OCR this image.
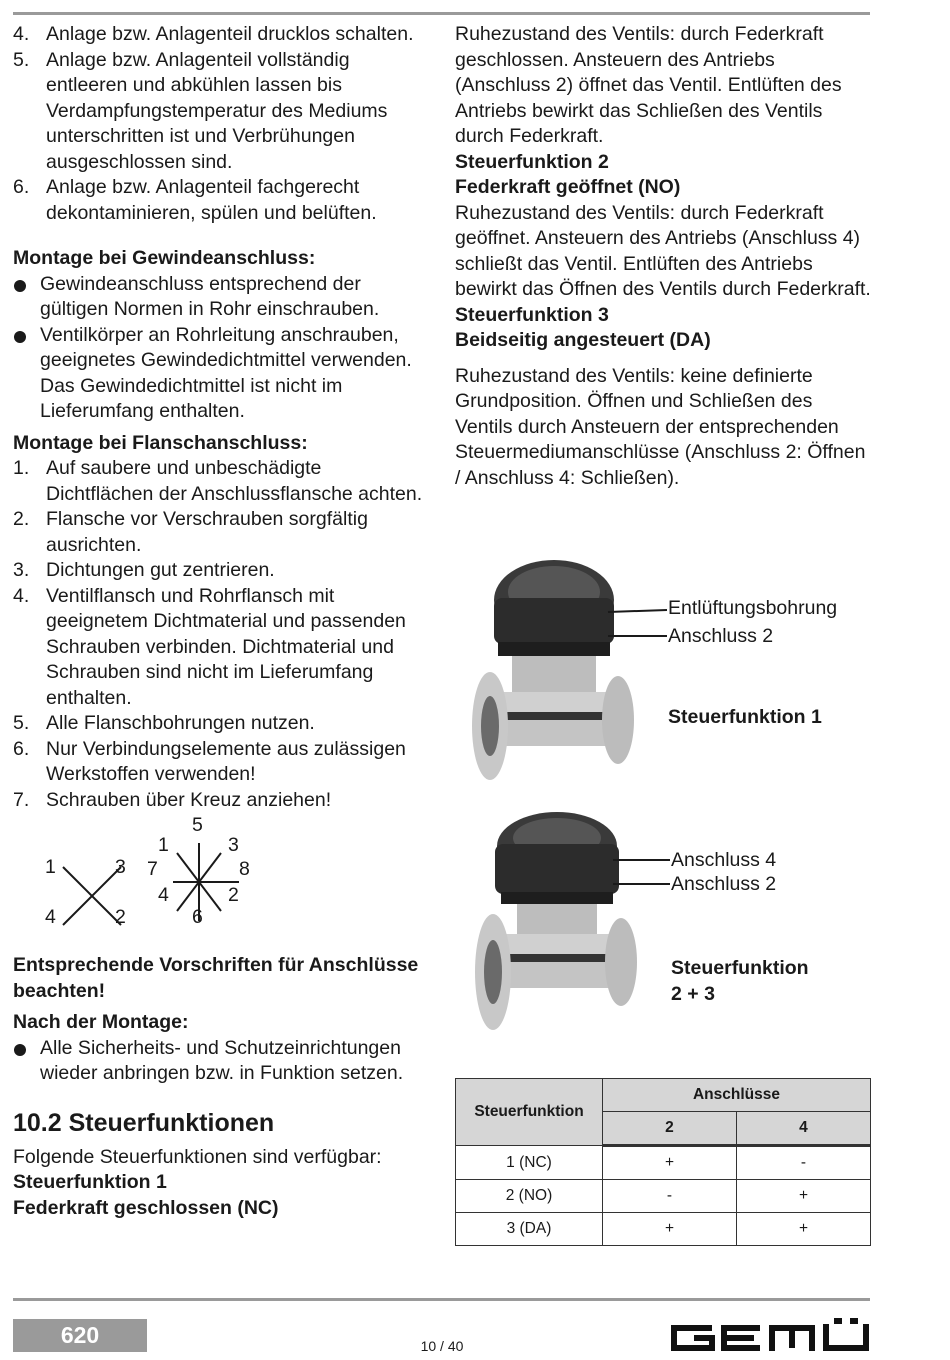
4. Anlage bzw. Anlagenteil drucklos schalten.
5. Anlage bzw. Anlagenteil vollständig entleeren und abkühlen lassen bis Verdampfungstemperatur des Mediums unterschritten ist und Verbrühungen ausgeschlossen sind.
6. Anlage bzw. Anlagenteil fachgerecht dekontaminieren, spülen und belüften.
Montage bei Gewindeanschluss:
Gewindeanschluss entsprechend der gültigen Normen in Rohr einschrauben.
Ventilkörper an Rohrleitung anschrauben, geeignetes Gewindedichtmittel verwenden. Das Gewindedichtmittel ist nicht im Lieferumfang enthalten.
Montage bei Flanschanschluss:
1. Auf saubere und unbeschädigte Dichtflächen der Anschlussflansche achten.
2. Flansche vor Verschrauben sorgfältig ausrichten.
3. Dichtungen gut zentrieren.
4. Ventilflansch und Rohrflansch mit geeignetem Dichtmaterial und passenden Schrauben verbinden. Dichtmaterial und Schrauben sind nicht im Lieferumfang enthalten.
5. Alle Flanschbohrungen nutzen.
6. Nur Verbindungselemente aus zulässigen Werkstoffen verwenden!
7. Schrauben über Kreuz anziehen!
1	3
4	2
5
1	3
7	8
4	2
6
Entsprechende Vorschriften für Anschlüsse beachten!
Nach der Montage:
Alle Sicherheits- und Schutzeinrichtungen wieder anbringen bzw. in Funktion setzen.
10.2 Steuerfunktionen

Folgende Steuerfunktionen sind verfügbar:

Steuerfunktion 1
Federkraft geschlossen (NC)

Ruhezustand des Ventils: durch Federkraft geschlossen. Ansteuern des Antriebs (Anschluss 2) öffnet das Ventil. Entlüften des Antriebs bewirkt das Schließen des Ventils durch Federkraft.

Steuerfunktion 2
Federkraft geöffnet (NO)

Ruhezustand des Ventils: durch Federkraft geöffnet. Ansteuern des Antriebs (Anschluss 4) schließt das Ventil. Entlüften des Antriebs bewirkt das Öffnen des Ventils durch Federkraft.

Steuerfunktion 3
Beidseitig angesteuert (DA)

Ruhezustand des Ventils: keine definierte Grundposition. Öffnen und Schließen des Ventils durch Ansteuern der entsprechenden Steuermediumanschlüsse (Anschluss 2: Öffnen / Anschluss 4: Schließen).

Entlüftungsbohrung
Anschluss 2
Steuerfunktion 1
Anschluss 4
Anschluss 2
Steuerfunktion
2 + 3
Steuerfunktion	Anschlüsse	
	2	4
1 (NC)	+	-
2 (NO)	-	+
3 (DA)	+	+
620	10 / 40
